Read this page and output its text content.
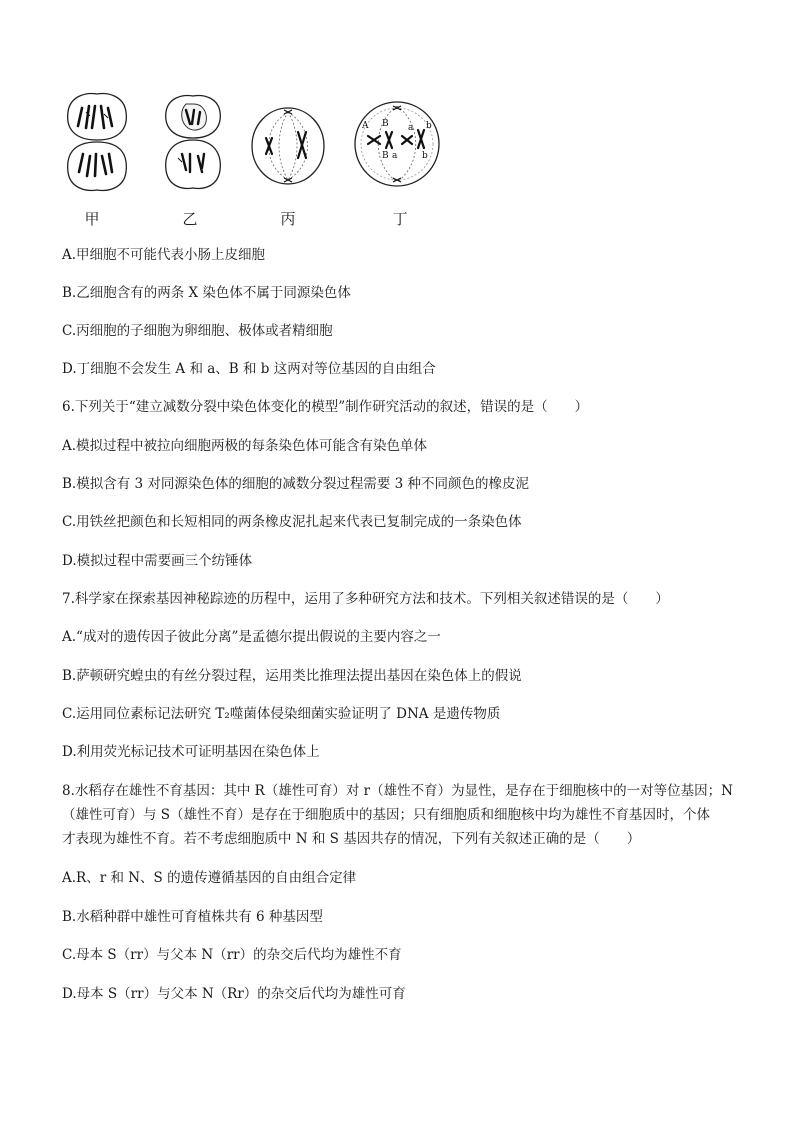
甲	乙	丙
A B a b
B a	b
丁
A.甲细胞不可能代表小肠上皮细胞
B.乙细胞含有的两条 X 染色体不属于同源染色体
C.丙细胞的子细胞为卵细胞、极体或者精细胞
D.丁细胞不会发生 A 和 a、B 和 b 这两对等位基因的自由组合
6.下列关于“建立减数分裂中染色体变化的模型”制作研究活动的叙述，错误的是（　　）
A.模拟过程中被拉向细胞两极的每条染色体可能含有染色单体
B.模拟含有 3 对同源染色体的细胞的减数分裂过程需要 3 种不同颜色的橡皮泥
C.用铁丝把颜色和长短相同的两条橡皮泥扎起来代表已复制完成的一条染色体
D.模拟过程中需要画三个纺锤体
7.科学家在探索基因神秘踪迹的历程中，运用了多种研究方法和技术。下列相关叙述错误的是（　　）
A.“成对的遗传因子彼此分离”是孟德尔提出假说的主要内容之一
B.萨顿研究蝗虫的有丝分裂过程，运用类比推理法提出基因在染色体上的假说
C.运用同位素标记法研究 T₂噬菌体侵染细菌实验证明了 DNA 是遗传物质
D.利用荧光标记技术可证明基因在染色体上
8.水稻存在雄性不育基因：其中 R（雄性可育）对 r（雄性不育）为显性，是存在于细胞核中的一对等位基因；N
（雄性可育）与 S（雄性不育）是存在于细胞质中的基因；只有细胞质和细胞核中均为雄性不育基因时，个体
才表现为雄性不育。若不考虑细胞质中 N 和 S 基因共存的情况，下列有关叙述正确的是（　　）
A.R、r 和 N、S 的遗传遵循基因的自由组合定律
B.水稻种群中雄性可育植株共有 6 种基因型
C.母本 S（rr）与父本 N（rr）的杂交后代均为雄性不育
D.母本 S（rr）与父本 N（Rr）的杂交后代均为雄性可育
